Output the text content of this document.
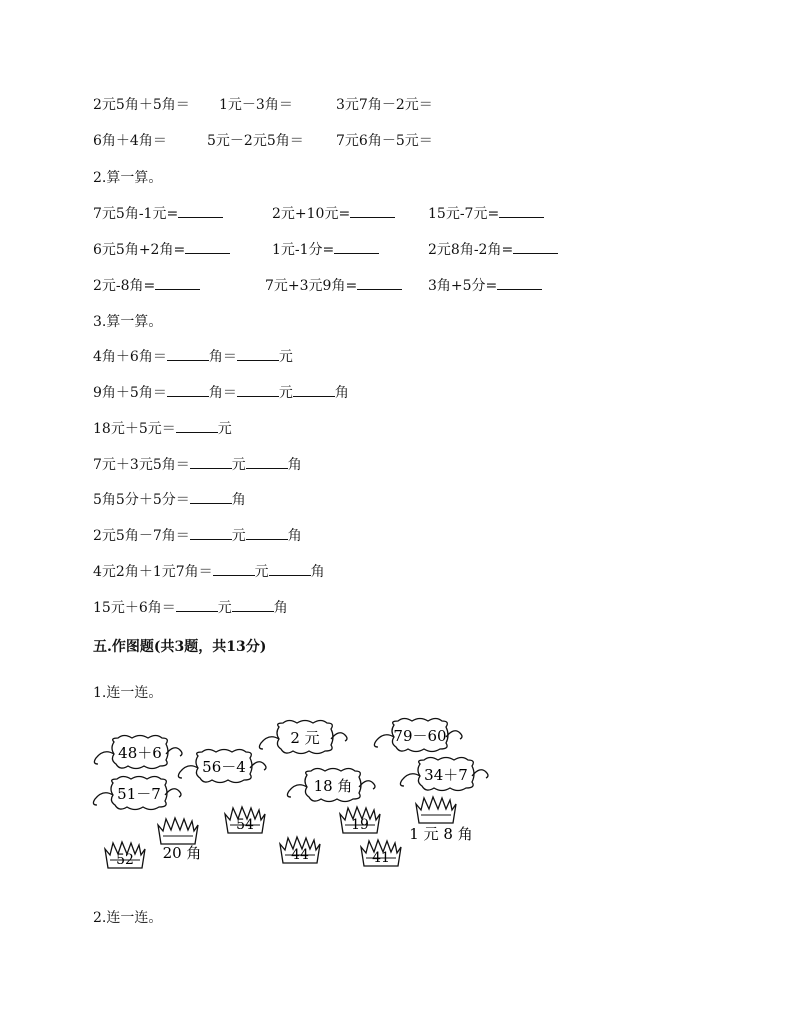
2元5角＋5角＝ 1元－3角＝	3元7角－2元＝
6角＋4角＝	5元－2元5角＝ 7元6角－5元＝
2.算一算。
7元5角-1元=	2元+10元=	15元-7元=
6元5角+2角=	1元-1分=	2元8角-2角=
2元-8角=	7元+3元9角=	3角+5分=
3.算一算。
4角＋6角＝	角＝	元
9角＋5角＝	角＝	元	角
18元＋5元＝	元
7元＋3元5角＝	元	角
5角5分＋5分＝	角
2元5角－7角＝	元	角
4元2角＋1元7角＝	元	角
15元＋6角＝	元	角
五.作图题(共3题，共13分)
1.连一连。
48＋6
56－4
2 元	79－60
51－7	18 角
34＋7
54	19
52	44	41
20 角
1 元 8 角
2.连一连。
